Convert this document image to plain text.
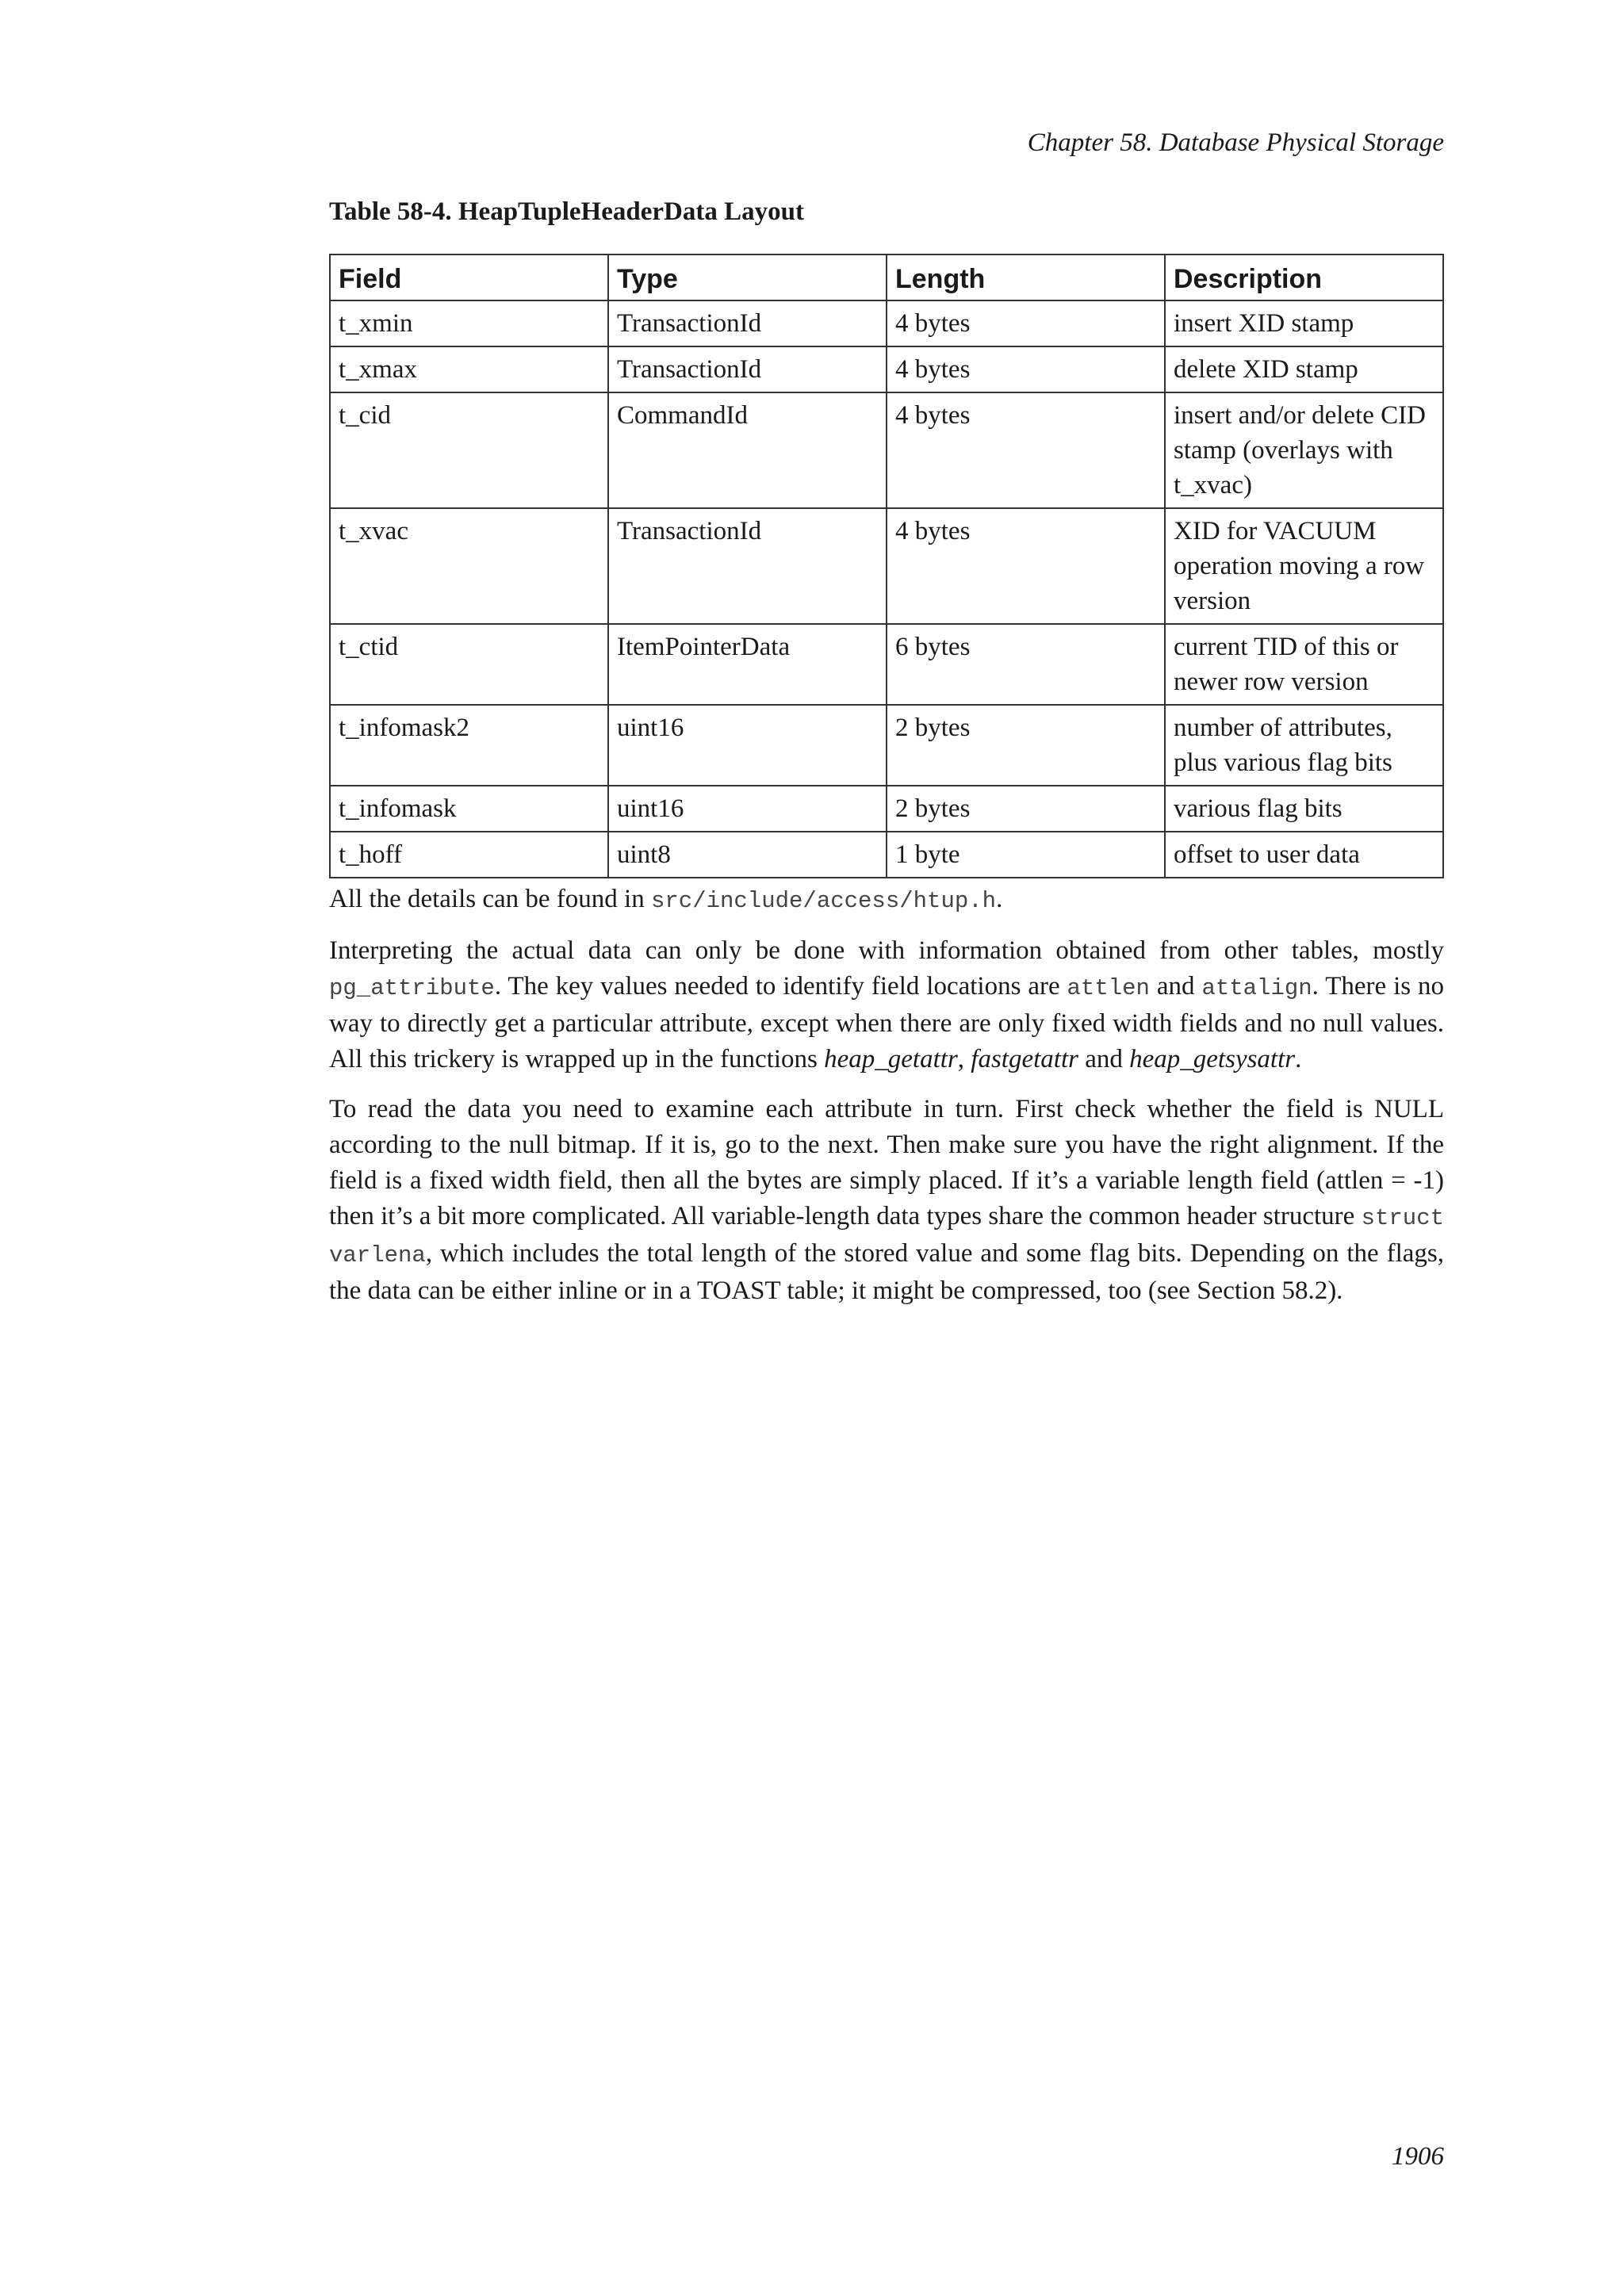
Chapter 58. Database Physical Storage
Table 58-4. HeapTupleHeaderData Layout
Field	Type	Length	Description
t_xmin	TransactionId	4 bytes	insert XID stamp
t_xmax	TransactionId	4 bytes	delete XID stamp
t_cid	CommandId	4 bytes	insert and/or delete CID stamp (overlays with t_xvac)
t_xvac	TransactionId	4 bytes	XID for VACUUM operation moving a row version
t_ctid	ItemPointerData	6 bytes	current TID of this or newer row version
t_infomask2	uint16	2 bytes	number of attributes, plus various flag bits
t_infomask	uint16	2 bytes	various flag bits
t_hoff	uint8	1 byte	offset to user data

All the details can be found in src/include/access/htup.h.

Interpreting the actual data can only be done with information obtained from other tables, mostly pg_attribute. The key values needed to identify field locations are attlen and attalign. There is no way to directly get a particular attribute, except when there are only fixed width fields and no null values. All this trickery is wrapped up in the functions heap_getattr, fastgetattr and heap_getsysattr.

To read the data you need to examine each attribute in turn. First check whether the field is NULL according to the null bitmap. If it is, go to the next. Then make sure you have the right alignment. If the field is a fixed width field, then all the bytes are simply placed. If it’s a variable length field (attlen = -1) then it’s a bit more complicated. All variable-length data types share the common header structure struct varlena, which includes the total length of the stored value and some flag bits. Depending on the flags, the data can be either inline or in a TOAST table; it might be compressed, too (see Section 58.2).

1906
